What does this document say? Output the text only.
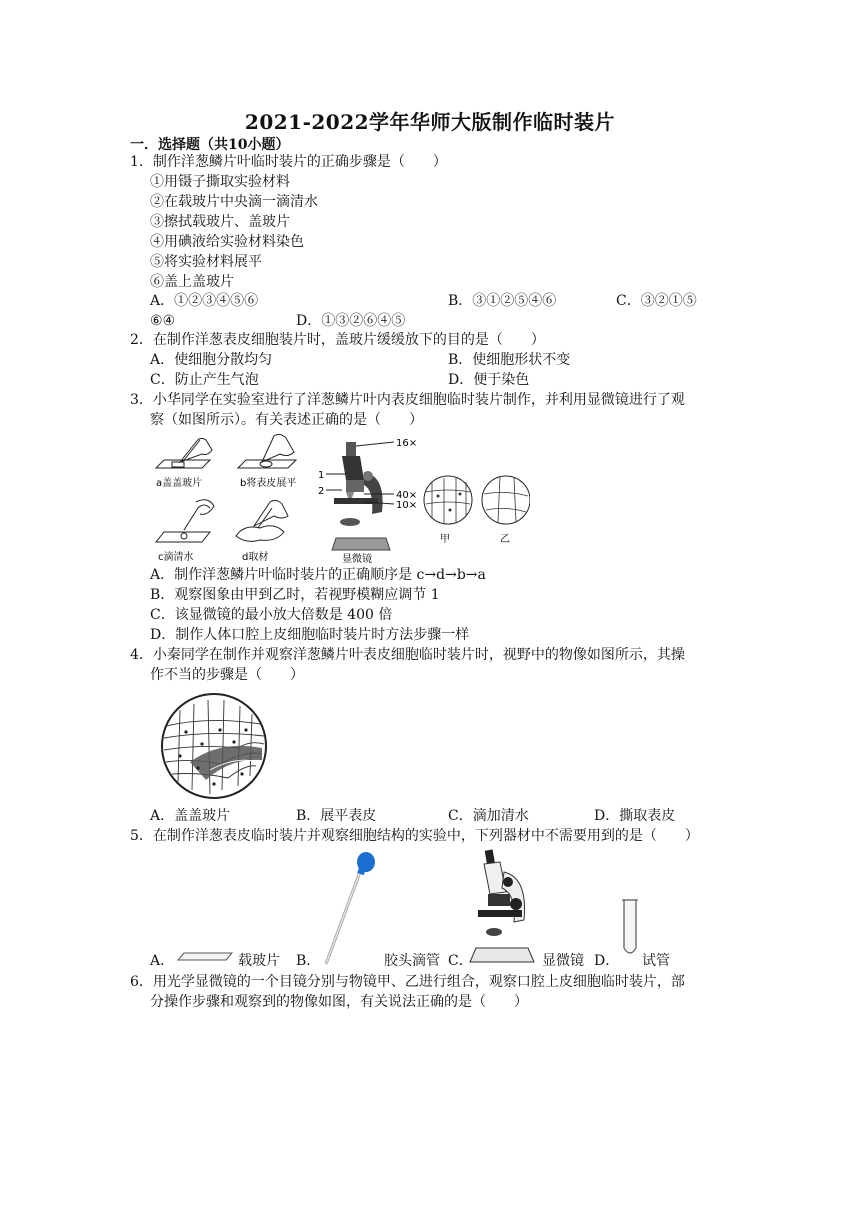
2021-2022学年华师大版制作临时装片
一．选择题（共10小题）
1．制作洋葱鳞片叶临时装片的正确步骤是（　　）
①用镊子撕取实验材料
②在载玻片中央滴一滴清水
③擦拭载玻片、盖玻片
④用碘液给实验材料染色
⑤将实验材料展平
⑥盖上盖玻片
A．①②③④⑤⑥	B．③①②⑤④⑥	C．③②①⑤
⑥④	D．①③②⑥④⑤
2．在制作洋葱表皮细胞装片时，盖玻片缓缓放下的目的是（　　）
A．使细胞分散均匀	B．使细胞形状不变
C．防止产生气泡	D．便于染色
3．小华同学在实验室进行了洋葱鳞片叶内表皮细胞临时装片制作，并利用显微镜进行了观
察（如图所示）。有关表述正确的是（　　）
a盖盖玻片	b将表皮展平
c滴清水	d取材
16×
1
2	40×
10×
显微镜
甲	乙
A．制作洋葱鳞片叶临时装片的正确顺序是 c→d→b→a
B．观察图象由甲到乙时，若视野模糊应调节 1
C．该显微镜的最小放大倍数是 400 倍
D．制作人体口腔上皮细胞临时装片时方法步骤一样
4．小秦同学在制作并观察洋葱鳞片叶表皮细胞临时装片时，视野中的物像如图所示，其操
作不当的步骤是（　　）
A．盖盖玻片	B．展平表皮	C．滴加清水	D．撕取表皮
5．在制作洋葱表皮临时装片并观察细胞结构的实验中，下列器材中不需要用到的是（　　）
A．	载玻片 B．	胶头滴管 C．	显微镜 D． 试管
6．用光学显微镜的一个目镜分别与物镜甲、乙进行组合，观察口腔上皮细胞临时装片，部
分操作步骤和观察到的物像如图，有关说法正确的是（　　）
